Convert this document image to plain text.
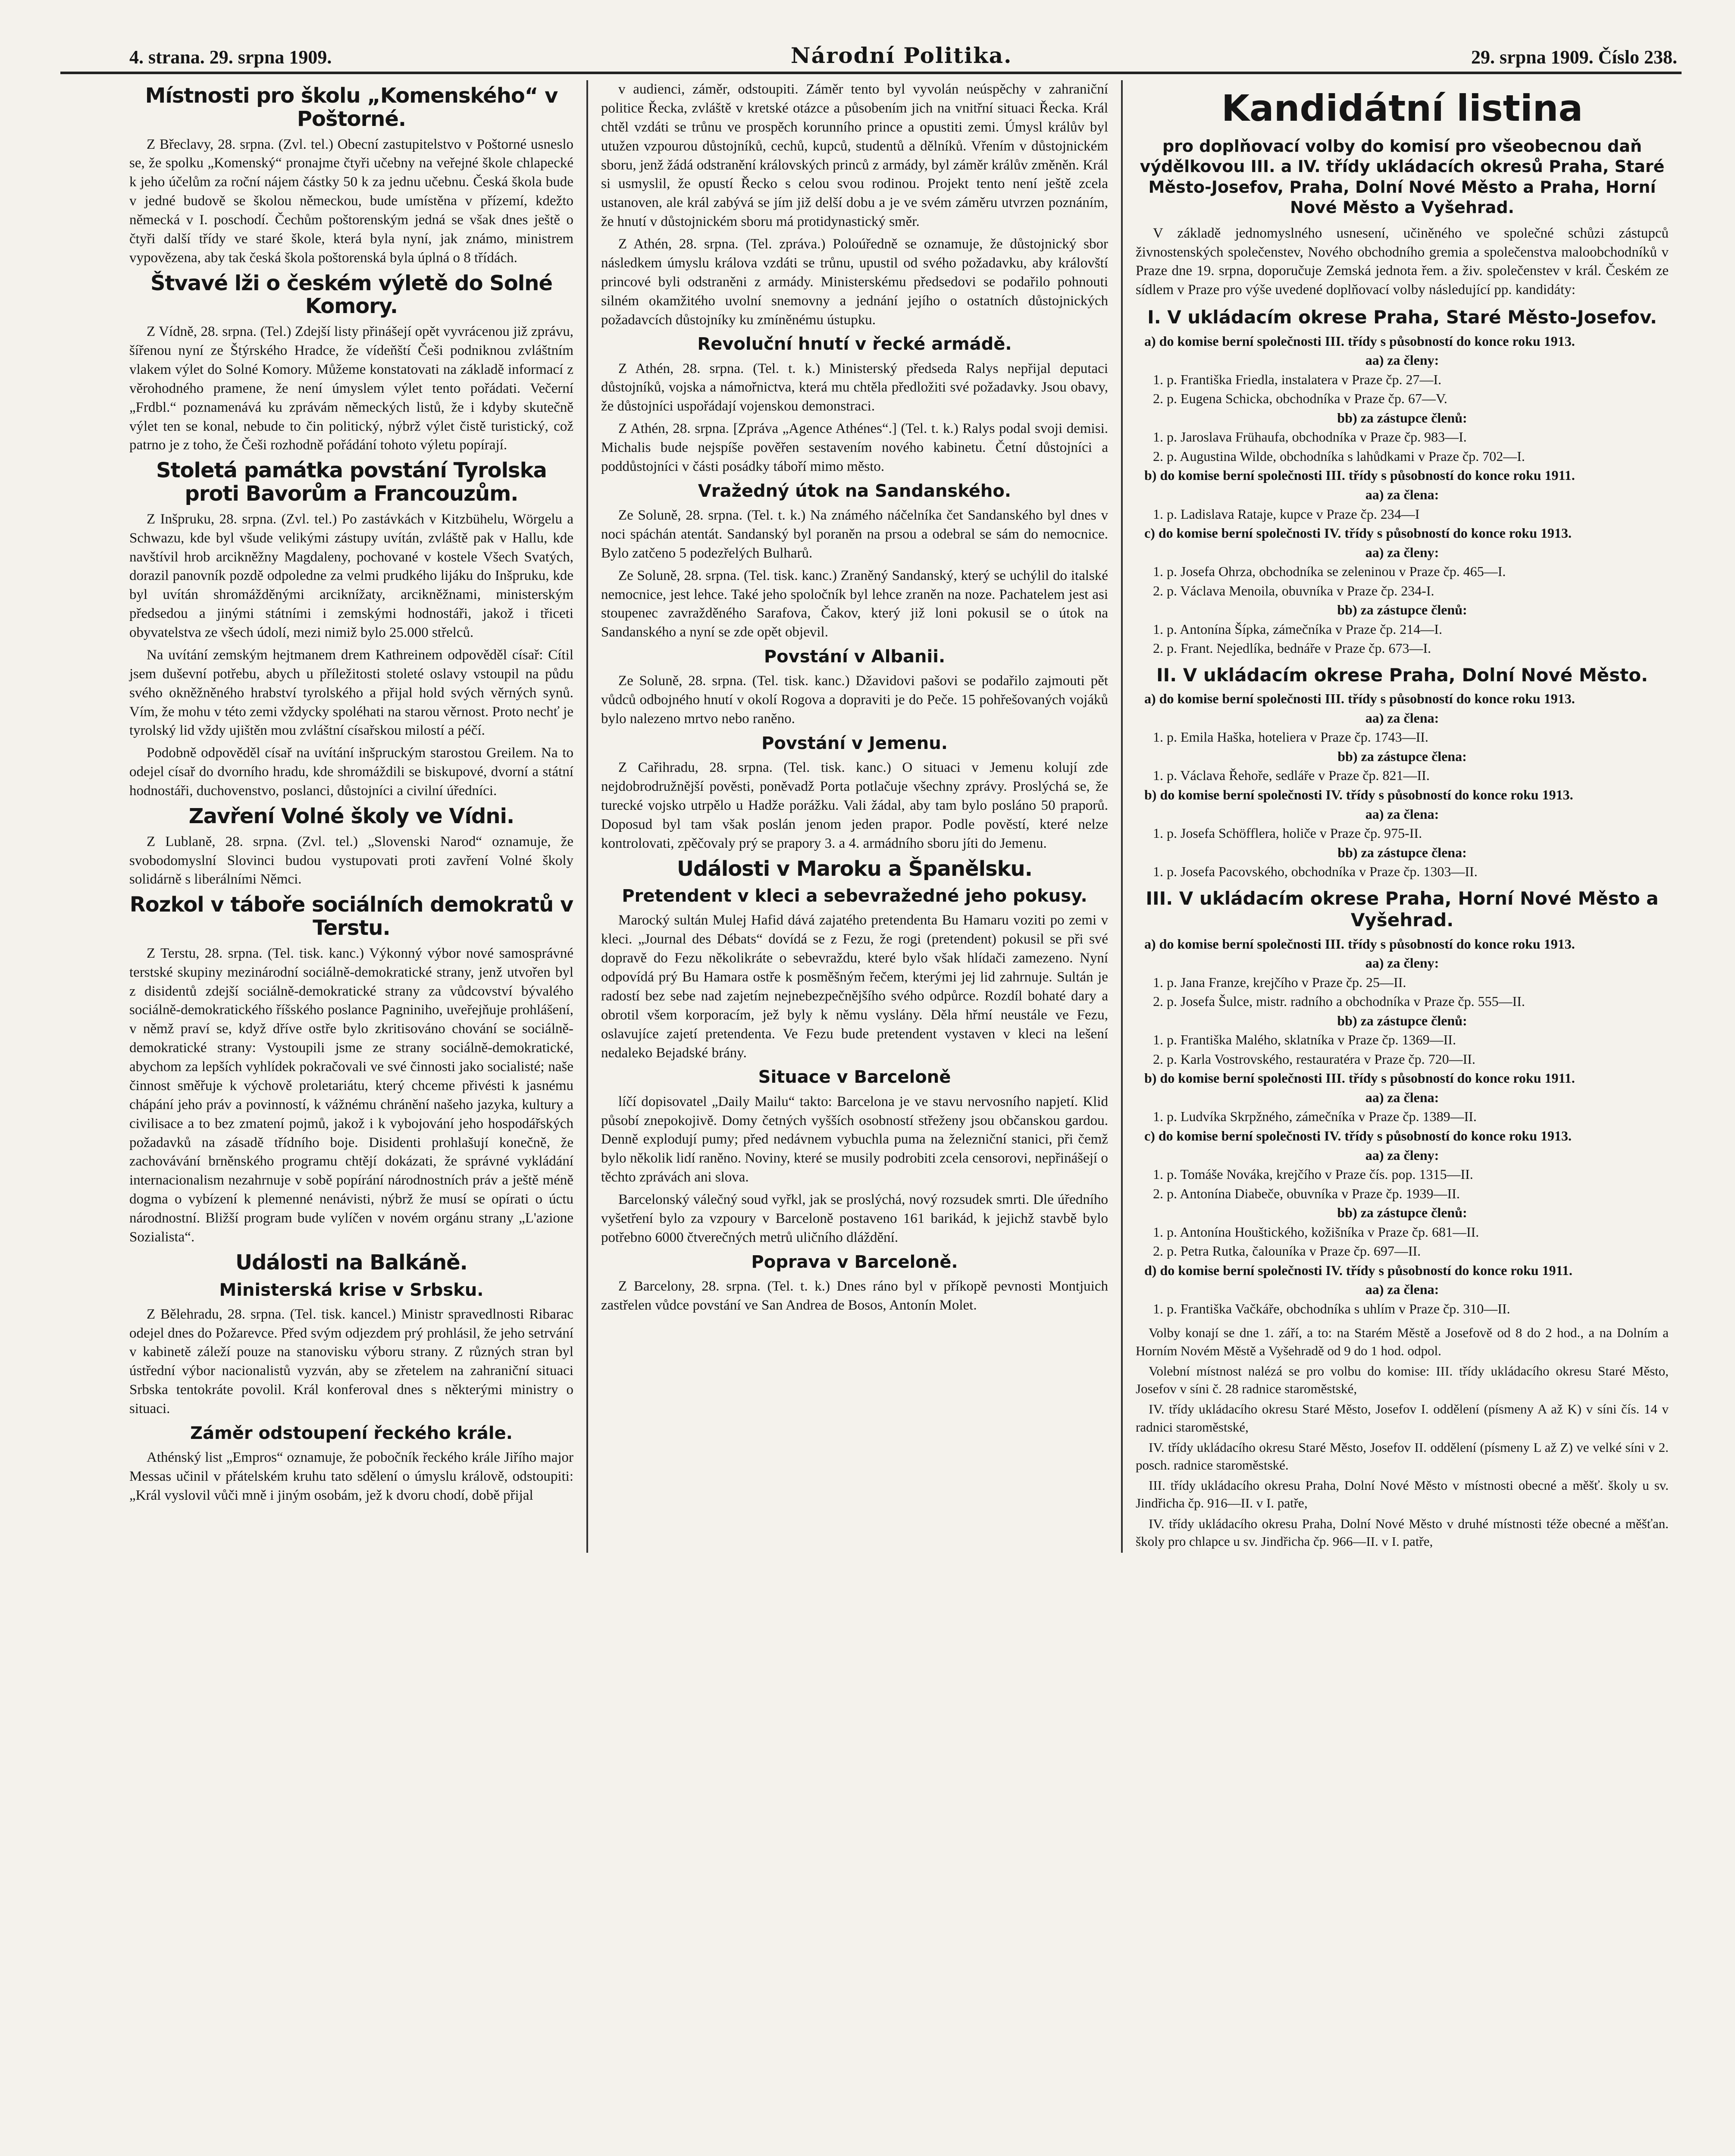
4. strana. 29. srpna 1909.	Národní Politika.	29. srpna 1909. Číslo 238.
Místnosti pro školu „Komenského“ v Poštorné.

Z Břeclavy, 28. srpna. (Zvl. tel.) Obecní zastupitelstvo v Poštorné usneslo se, že spolku „Komenský“ pronajme čtyři učebny na veřejné škole chlapecké k jeho účelům za roční nájem částky 50 k za jednu učebnu. Česká škola bude v jedné budově se školou německou, bude umístěna v přízemí, kdežto německá v I. poschodí. Čechům poštorenským jedná se však dnes ještě o čtyři další třídy ve staré škole, která byla nyní, jak známo, ministrem vypovězena, aby tak česká škola poštorenská byla úplná o 8 třídách.

Štvavé lži o českém výletě do Solné Komory.

Z Vídně, 28. srpna. (Tel.) Zdejší listy přinášejí opět vyvrácenou již zprávu, šířenou nyní ze Štýrského Hradce, že vídeňští Češi podniknou zvláštním vlakem výlet do Solné Komory. Můžeme konstatovati na základě informací z věrohodného pramene, že není úmyslem výlet tento pořádati. Večerní „Frdbl.“ poznamenává ku zprávám německých listů, že i kdyby skutečně výlet ten se konal, nebude to čin politický, nýbrž výlet čistě turistický, což patrno je z toho, že Češi rozhodně pořádání tohoto výletu popírají.

Stoletá památka povstání Tyrolska proti Bavorům a Francouzům.

Z Inšpruku, 28. srpna. (Zvl. tel.) Po zastávkách v Kitzbühelu, Wörgelu a Schwazu, kde byl všude velikými zástupy uvítán, zvláště pak v Hallu, kde navštívil hrob arcikněžny Magdaleny, pochované v kostele Všech Svatých, dorazil panovník pozdě odpoledne za velmi prudkého lijáku do Inšpruku, kde byl uvítán shromážděnými arciknížaty, arcikněžnami, ministerským předsedou a jinými státními i zemskými hodnostáři, jakož i třiceti obyvatelstva ze všech údolí, mezi nimiž bylo 25.000 střelců.

Na uvítání zemským hejtmanem drem Kathreinem odpověděl císař: Cítil jsem duševní potřebu, abych u příležitosti stoleté oslavy vstoupil na půdu svého okněžněného hrabství tyrolského a přijal hold svých věrných synů. Vím, že mohu v této zemi vždycky spoléhati na starou věrnost. Proto nechť je tyrolský lid vždy ujištěn mou zvláštní císařskou milostí a péčí.

Podobně odpověděl císař na uvítání inšpruckým starostou Greilem. Na to odejel císař do dvorního hradu, kde shromáždili se biskupové, dvorní a státní hodnostáři, duchovenstvo, poslanci, důstojníci a civilní úředníci.

Zavření Volné školy ve Vídni.

Z Lublaně, 28. srpna. (Zvl. tel.) „Slovenski Narod“ oznamuje, že svobodomyslní Slovinci budou vystupovati proti zavření Volné školy solidárně s liberálními Němci.

Rozkol v táboře sociálních demokratů v Terstu.

Z Terstu, 28. srpna. (Tel. tisk. kanc.) Výkonný výbor nové samosprávné terstské skupiny mezinárodní sociálně-demokratické strany, jenž utvořen byl z disidentů zdejší sociálně-demokratické strany za vůdcovství bývalého sociálně-demokratického říšského poslance Pagniniho, uveřejňuje prohlášení, v němž praví se, když dříve ostře bylo zkritisováno chování se sociálně-demokratické strany: Vystoupili jsme ze strany sociálně-demokratické, abychom za lepších vyhlídek pokračovali ve své činnosti jako socialisté; naše činnost směřuje k výchově proletariátu, který chceme přivésti k jasnému chápání jeho práv a povinností, k vážnému chránění našeho jazyka, kultury a civilisace a to bez zmatení pojmů, jakož i k vybojování jeho hospodářských požadavků na zásadě třídního boje. Disidenti prohlašují konečně, že zachovávání brněnského programu chtějí dokázati, že správné vykládání internacionalism nezahrnuje v sobě popírání národnostních práv a ještě méně dogma o vybízení k plemenné nenávisti, nýbrž že musí se opírati o úctu národnostní. Bližší program bude vylíčen v novém orgánu strany „L'azione Sozialista“.

Události na Balkáně.
Ministerská krise v Srbsku.

Z Bělehradu, 28. srpna. (Tel. tisk. kancel.) Ministr spravedlnosti Ribarac odejel dnes do Požarevce. Před svým odjezdem prý prohlásil, že jeho setrvání v kabinetě záleží pouze na stanovisku výboru strany. Z různých stran byl ústřední výbor nacionalistů vyzván, aby se zřetelem na zahraniční situaci Srbska tentokráte povolil. Král konferoval dnes s některými ministry o situaci.

Záměr odstoupení řeckého krále.

Athénský list „Empros“ oznamuje, že pobočník řeckého krále Jiřího major Messas učinil v přátelském kruhu tato sdělení o úmyslu králově, odstoupiti: „Král vyslovil vůči mně i jiným osobám, jež k dvoru chodí, době přijal

v audienci, záměr, odstoupiti. Záměr tento byl vyvolán neúspěchy v zahraniční politice Řecka, zvláště v kretské otázce a působením jich na vnitřní situaci Řecka. Král chtěl vzdáti se trůnu ve prospěch korunního prince a opustiti zemi. Úmysl králův byl utužen vzpourou důstojníků, cechů, kupců, studentů a dělníků. Vřením v důstojnickém sboru, jenž žádá odstranění královských princů z armády, byl záměr králův změněn. Král si usmyslil, že opustí Řecko s celou svou rodinou. Projekt tento není ještě zcela ustanoven, ale král zabývá se jím již delší dobu a je ve svém záměru utvrzen poznáním, že hnutí v důstojnickém sboru má protidynastický směr.

Z Athén, 28. srpna. (Tel. zpráva.) Poloúředně se oznamuje, že důstojnický sbor následkem úmyslu králova vzdáti se trůnu, upustil od svého požadavku, aby královští princové byli odstraněni z armády. Ministerskému předsedovi se podařilo pohnouti silném okamžitého uvolní snemovny a jednání jejího o ostatních důstojnických požadavcích důstojníky ku zmíněnému ústupku.

Revoluční hnutí v řecké armádě.

Z Athén, 28. srpna. (Tel. t. k.) Ministerský předseda Ralys nepřijal deputaci důstojníků, vojska a námořnictva, která mu chtěla předložiti své požadavky. Jsou obavy, že důstojníci uspořádají vojenskou demonstraci.

Z Athén, 28. srpna. [Zpráva „Agence Athénes“.] (Tel. t. k.) Ralys podal svoji demisi. Michalis bude nejspíše pověřen sestavením nového kabinetu. Četní důstojníci a poddůstojníci v části posádky táboří mimo město.

Vražedný útok na Sandanského.

Ze Soluně, 28. srpna. (Tel. t. k.) Na známého náčelníka čet Sandanského byl dnes v noci spáchán atentát. Sandanský byl poraněn na prsou a odebral se sám do nemocnice. Bylo zatčeno 5 podezřelých Bulharů.

Ze Soluně, 28. srpna. (Tel. tisk. kanc.) Zraněný Sandanský, který se uchýlil do italské nemocnice, jest lehce. Také jeho spoločník byl lehce zraněn na noze. Pachatelem jest asi stoupenec zavražděného Sarafova, Čakov, který již loni pokusil se o útok na Sandanského a nyní se zde opět objevil.

Povstání v Albanii.

Ze Soluně, 28. srpna. (Tel. tisk. kanc.) Džavidovi pašovi se podařilo zajmouti pět vůdců odbojného hnutí v okolí Rogova a dopraviti je do Peče. 15 pohřešovaných vojáků bylo nalezeno mrtvo nebo raněno.

Povstání v Jemenu.

Z Cařihradu, 28. srpna. (Tel. tisk. kanc.) O situaci v Jemenu kolují zde nejdobrodružnější pověsti, poněvadž Porta potlačuje všechny zprávy. Proslýchá se, že turecké vojsko utrpělo u Hadže porážku. Vali žádal, aby tam bylo posláno 50 praporů. Doposud byl tam však poslán jenom jeden prapor. Podle pověstí, které nelze kontrolovati, zpěčovaly prý se prapory 3. a 4. armádního sboru jíti do Jemenu.

Události v Maroku a Španělsku.
Pretendent v kleci a sebevražedné jeho pokusy.

Marocký sultán Mulej Hafid dává zajatého pretendenta Bu Hamaru voziti po zemi v kleci. „Journal des Débats“ dovídá se z Fezu, že rogi (pretendent) pokusil se při své dopravě do Fezu několikráte o sebevraždu, které bylo však hlídači zamezeno. Nyní odpovídá prý Bu Hamara ostře k posměšným řečem, kterými jej lid zahrnuje. Sultán je radostí bez sebe nad zajetím nejnebezpečnějšího svého odpůrce. Rozdíl bohaté dary a obrotil všem korporacím, jež byly k němu vyslány. Děla hřmí neustále ve Fezu, oslavujíce zajetí pretendenta. Ve Fezu bude pretendent vystaven v kleci na lešení nedaleko Bejadské brány.

Situace v Barceloně

líčí dopisovatel „Daily Mailu“ takto: Barcelona je ve stavu nervosního napjetí. Klid působí znepokojivě. Domy četných vyšších osobností střeženy jsou občanskou gardou. Denně explodují pumy; před nedávnem vybuchla puma na železniční stanici, při čemž bylo několik lidí raněno. Noviny, které se musily podrobiti zcela censorovi, nepřinášejí o těchto zprávách ani slova.

Barcelonský válečný soud vyřkl, jak se proslýchá, nový rozsudek smrti. Dle úředního vyšetření bylo za vzpoury v Barceloně postaveno 161 barikád, k jejichž stavbě bylo potřebno 6000 čtverečných metrů uličního dláždění.

Poprava v Barceloně.

Z Barcelony, 28. srpna. (Tel. t. k.) Dnes ráno byl v příkopě pevnosti Montjuich zastřelen vůdce povstání ve San Andrea de Bosos, Antonín Molet.

Kandidátní listina
pro doplňovací volby do komisí pro všeobecnou daň výdělkovou III. a IV. třídy ukládacích okresů Praha, Staré Město-Josefov, Praha, Dolní Nové Město a Praha, Horní Nové Město a Vyšehrad.

V základě jednomyslného usnesení, učiněného ve společné schůzi zástupců živnostenských společenstev, Nového obchodního gremia a společenstva maloobchodníků v Praze dne 19. srpna, doporučuje Zemská jednota řem. a živ. společenstev v král. Českém ze sídlem v Praze pro výše uvedené doplňovací volby následující pp. kandidáty:

I. V ukládacím okrese Praha, Staré Město-Josefov.
a) do komise berní společnosti III. třídy s působností do konce roku 1913.
aa) za členy:
1. p. Františka Friedla, instalatera v Praze čp. 27—I.
2. p. Eugena Schicka, obchodníka v Praze čp. 67—V.
bb) za zástupce členů:
1. p. Jaroslava Frühaufa, obchodníka v Praze čp. 983—I.
2. p. Augustina Wilde, obchodníka s lahůdkami v Praze čp. 702—I.
b) do komise berní společnosti III. třídy s působností do konce roku 1911.
aa) za člena:
1. p. Ladislava Rataje, kupce v Praze čp. 234—I
c) do komise berní společnosti IV. třídy s působností do konce roku 1913.
aa) za členy:
1. p. Josefa Ohrza, obchodníka se zeleninou v Praze čp. 465—I.
2. p. Václava Menoila, obuvníka v Praze čp. 234-I.
bb) za zástupce členů:
1. p. Antonína Šípka, zámečníka v Praze čp. 214—I.
2. p. Frant. Nejedlíka, bednáře v Praze čp. 673—I.
II. V ukládacím okrese Praha, Dolní Nové Město.
a) do komise berní společnosti III. třídy s působností do konce roku 1913.
aa) za člena:
1. p. Emila Haška, hoteliera v Praze čp. 1743—II.
bb) za zástupce člena:
1. p. Václava Řehoře, sedláře v Praze čp. 821—II.
b) do komise berní společnosti IV. třídy s působností do konce roku 1913.
aa) za člena:
1. p. Josefa Schöfflera, holiče v Praze čp. 975-II.
bb) za zástupce člena:
1. p. Josefa Pacovského, obchodníka v Praze čp. 1303—II.
III. V ukládacím okrese Praha, Horní Nové Město a Vyšehrad.
a) do komise berní společnosti III. třídy s působností do konce roku 1913.
aa) za členy:
1. p. Jana Franze, krejčího v Praze čp. 25—II.
2. p. Josefa Šulce, mistr. radního a obchodníka v Praze čp. 555—II.
bb) za zástupce členů:
1. p. Františka Malého, sklatníka v Praze čp. 1369—II.
2. p. Karla Vostrovského, restauratéra v Praze čp. 720—II.
b) do komise berní společnosti III. třídy s působností do konce roku 1911.
aa) za člena:
1. p. Ludvíka Skrpžného, zámečníka v Praze čp. 1389—II.
c) do komise berní společnosti IV. třídy s působností do konce roku 1913.
aa) za členy:
1. p. Tomáše Nováka, krejčího v Praze čís. pop. 1315—II.
2. p. Antonína Diabeče, obuvníka v Praze čp. 1939—II.
bb) za zástupce členů:
1. p. Antonína Houštického, kožišníka v Praze čp. 681—II.
2. p. Petra Rutka, čalouníka v Praze čp. 697—II.
d) do komise berní společnosti IV. třídy s působností do konce roku 1911.
aa) za člena:
1. p. Františka Vačkáře, obchodníka s uhlím v Praze čp. 310—II.

Volby konají se dne 1. září, a to: na Starém Městě a Josefově od 8 do 2 hod., a na Dolním a Horním Novém Městě a Vyšehradě od 9 do 1 hod. odpol.

Volební místnost nalézá se pro volbu do komise: III. třídy ukládacího okresu Staré Město, Josefov v síni č. 28 radnice staroměstské,

IV. třídy ukládacího okresu Staré Město, Josefov I. oddělení (písmeny A až K) v síni čís. 14 v radnici staroměstské,

IV. třídy ukládacího okresu Staré Město, Josefov II. oddělení (písmeny L až Z) ve velké síni v 2. posch. radnice staroměstské.

III. třídy ukládacího okresu Praha, Dolní Nové Město v místnosti obecné a měšť. školy u sv. Jindřicha čp. 916—II. v I. patře,

IV. třídy ukládacího okresu Praha, Dolní Nové Město v druhé místnosti téže obecné a měšťan. školy pro chlapce u sv. Jindřicha čp. 966—II. v I. patře,
